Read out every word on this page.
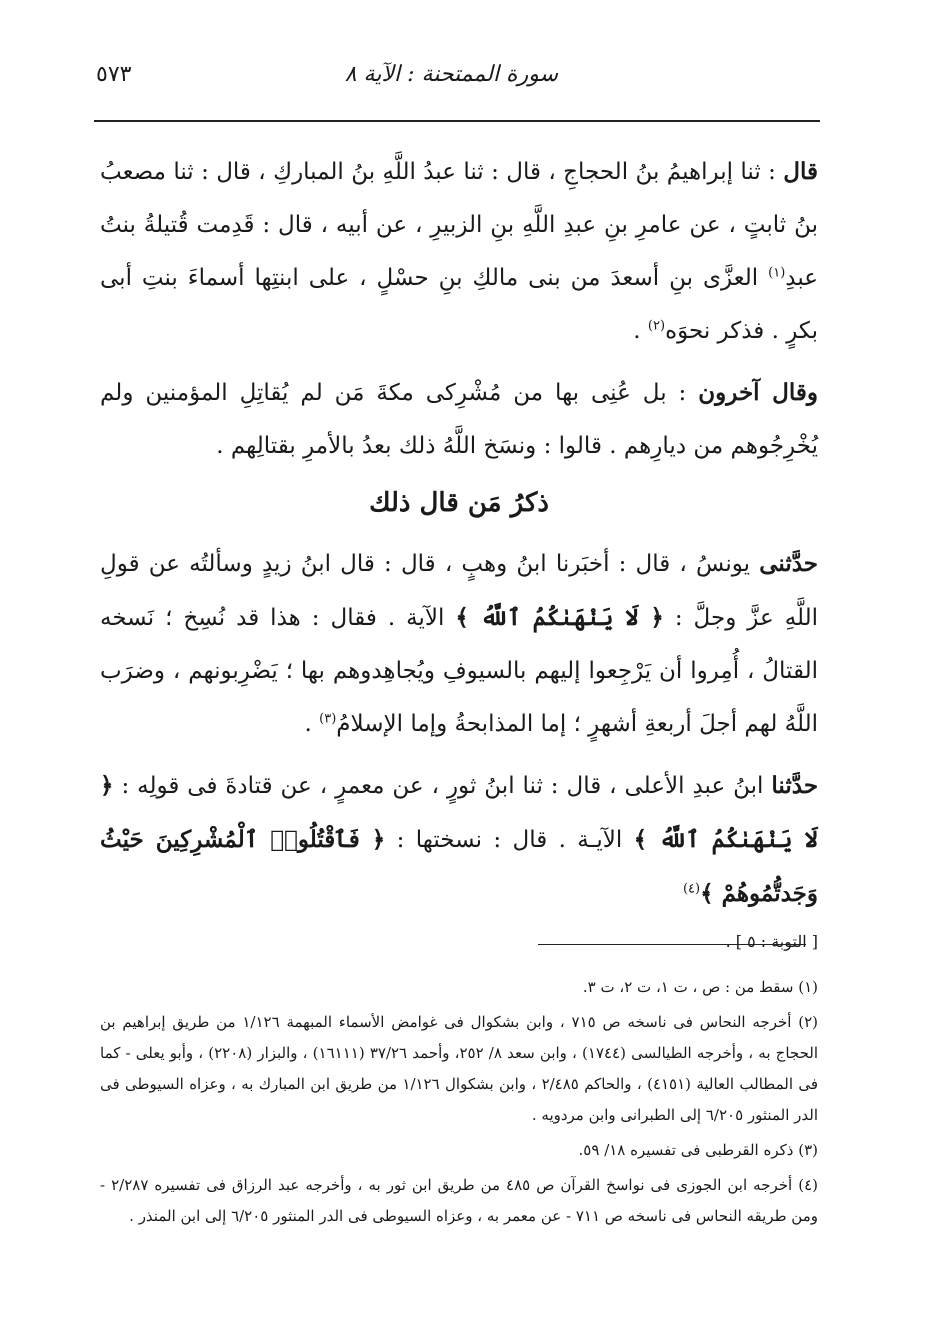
٥٧٣	سورة الممتحنة : الآية ٨

قال : ثنا إبراهيمُ بنُ الحجاجِ ، قال : ثنا عبدُ اللَّهِ بنُ المباركِ ، قال : ثنا مصعبُ بنُ ثابتٍ ، عن عامرِ بنِ عبدِ اللَّهِ بنِ الزبيرِ ، عن أبيه ، قال : قَدِمت قُتيلةُ بنتُ عبدِ$^{(١)}$ العزَّى بنِ أسعدَ من بنى مالكِ بنِ حسْلٍ ، على ابنتِها أسماءَ بنتِ أبى بكرٍ . فذكر نحوَه$^{(٢)}$ .

وقال آخرون : بل عُنِى بها من مُشْرِكى مكةَ مَن لم يُقاتِلِ المؤمنين ولم يُخْرِجُوهم من ديارِهم . قالوا : ونسَخ اللَّهُ ذلك بعدُ بالأمرِ بقتالِهم .

ذكرُ مَن قال ذلك

حدَّثنى يونسُ ، قال : أخبَرنا ابنُ وهبٍ ، قال : قال ابنُ زيدٍ وسألتُه عن قولِ اللَّهِ عزَّ وجلَّ : ﴿ لَا يَنْهَىٰكُمُ ٱللَّهُ ﴾ الآية . فقال : هذا قد نُسِخ ؛ نَسخه القتالُ ، أُمِروا أن يَرْجِعوا إليهم بالسيوفِ ويُجاهِدوهم بها ؛ يَضْرِبونهم ، وضرَب اللَّهُ لهم أجلَ أربعةِ أشهرٍ ؛ إما المذابحةُ وإما الإسلامُ$^{(٣)}$ .

حدَّثنا ابنُ عبدِ الأعلى ، قال : ثنا ابنُ ثورٍ ، عن معمرٍ ، عن قتادةَ فى قولِه : ﴿ لَا يَنْهَىٰكُمُ ٱللَّهُ ﴾ الآيـة . قال : نسختها : ﴿ فَٱقْتُلُوا۟ ٱلْمُشْرِكِينَ حَيْثُ وَجَدتُّمُوهُمْ ﴾$^{(٤)}$

[ التوبة : ٥ ] .

(١) سقط من : ص ، ت ١، ت ٢، ت ٣.

(٢) أخرجه النحاس فى ناسخه ص ٧١٥ ، وابن بشكوال فى غوامض الأسماء المبهمة ١/١٢٦ من طريق إبراهيم بن الحجاج به ، وأخرجه الطيالسى (١٧٤٤) ، وابن سعد ٨/ ٢٥٢، وأحمد ٣٧/٢٦ (١٦١١١) ، والبزار (٢٢٠٨) ، وأبو يعلى - كما فى المطالب العالية (٤١٥١) ، والحاكم ٢/٤٨٥ ، وابن بشكوال ١/١٢٦ من طريق ابن المبارك به ، وعزاه السيوطى فى الدر المنثور ٦/٢٠٥ إلى الطبرانى وابن مردويه .

(٣) ذكره القرطبى فى تفسيره ١٨/ ٥٩.

(٤) أخرجه ابن الجوزى فى نواسخ القرآن ص ٤٨٥ من طريق ابن ثور به ، وأخرجه عبد الرزاق فى تفسيره ٢/٢٨٧ - ومن طريقه النحاس فى ناسخه ص ٧١١ - عن معمر به ، وعزاه السيوطى فى الدر المنثور ٦/٢٠٥ إلى ابن المنذر .
